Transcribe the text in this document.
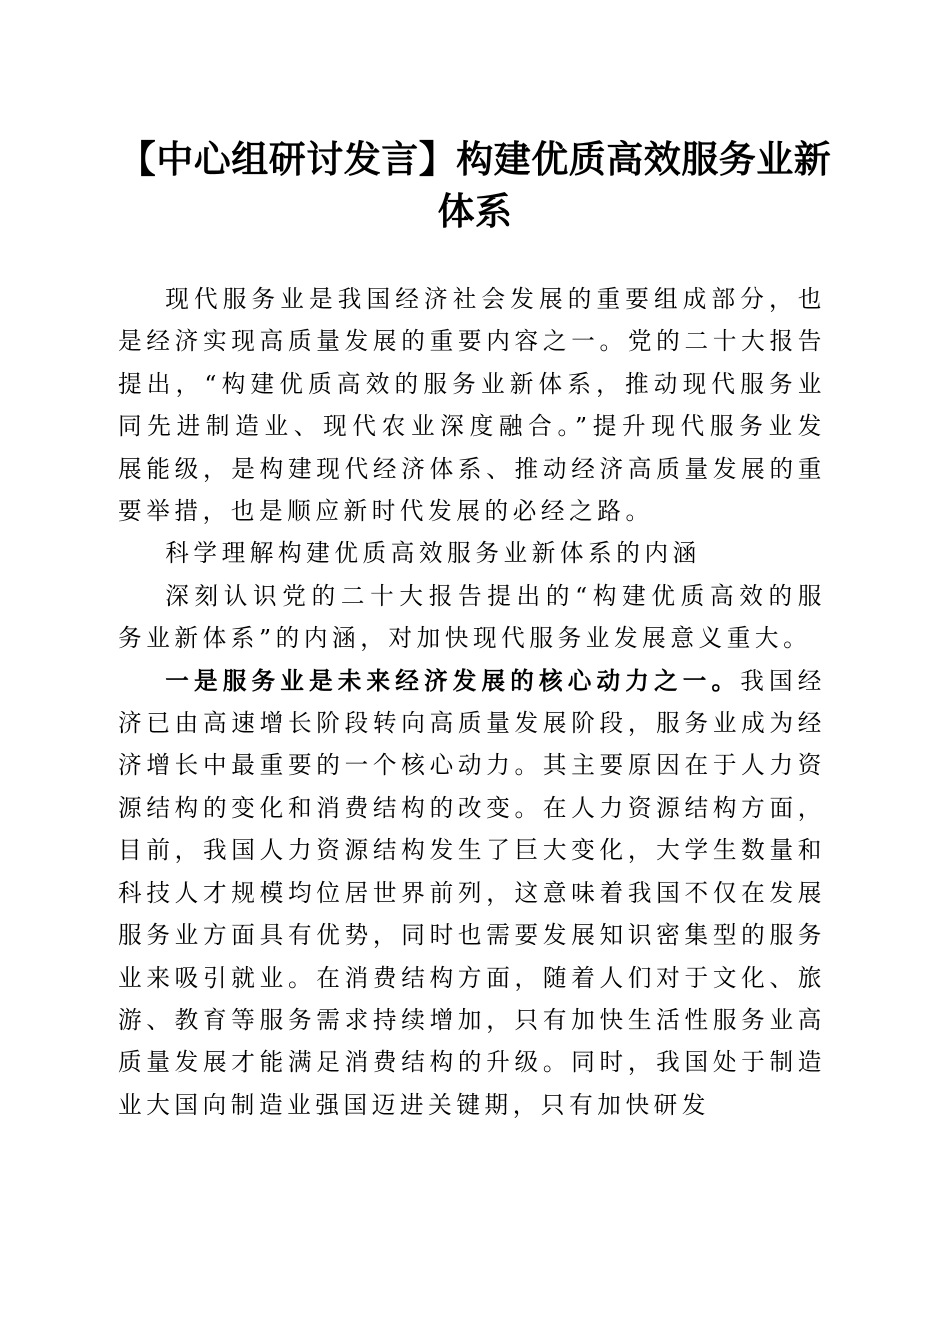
【中心组研讨发言】构建优质高效服务业新体系

现代服务业是我国经济社会发展的重要组成部分，也是经济实现高质量发展的重要内容之一。党的二十大报告提出，“构建优质高效的服务业新体系，推动现代服务业同先进制造业、现代农业深度融合。”提升现代服务业发展能级，是构建现代经济体系、推动经济高质量发展的重要举措，也是顺应新时代发展的必经之路。

科学理解构建优质高效服务业新体系的内涵

深刻认识党的二十大报告提出的“构建优质高效的服务业新体系”的内涵，对加快现代服务业发展意义重大。

一是服务业是未来经济发展的核心动力之一。我国经济已由高速增长阶段转向高质量发展阶段，服务业成为经济增长中最重要的一个核心动力。其主要原因在于人力资源结构的变化和消费结构的改变。在人力资源结构方面，目前，我国人力资源结构发生了巨大变化，大学生数量和科技人才规模均位居世界前列，这意味着我国不仅在发展服务业方面具有优势，同时也需要发展知识密集型的服务业来吸引就业。在消费结构方面，随着人们对于文化、旅游、教育等服务需求持续增加，只有加快生活性服务业高质量发展才能满足消费结构的升级。同时，我国处于制造业大国向制造业强国迈进关键期，只有加快研发
